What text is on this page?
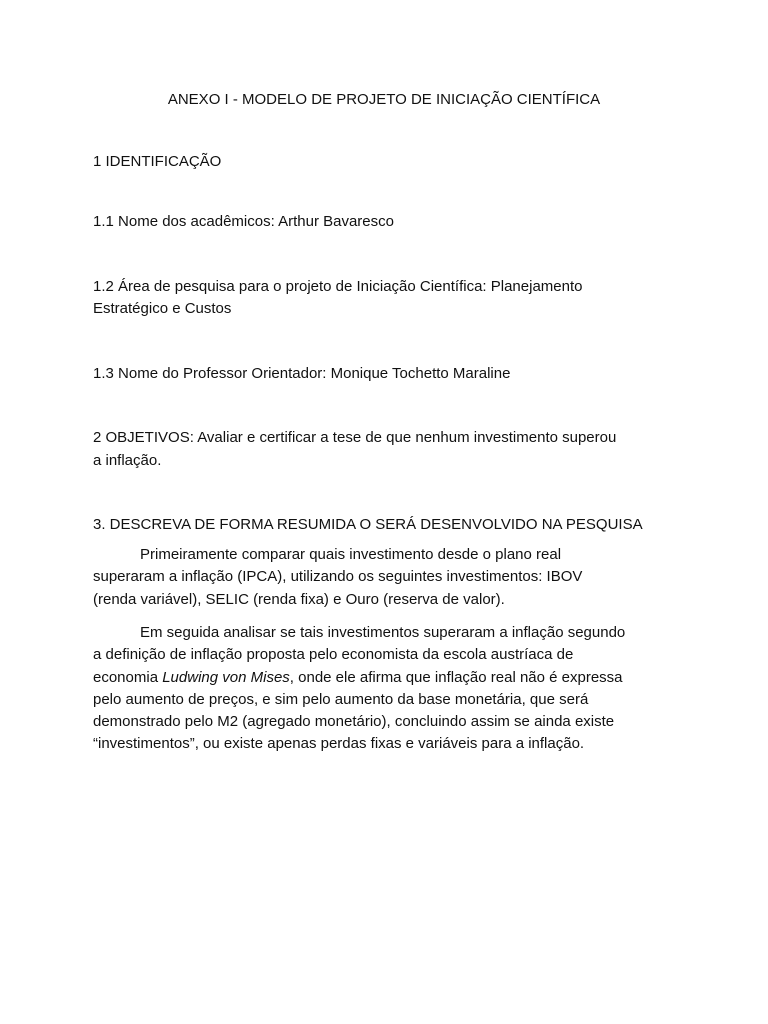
ANEXO I - MODELO DE PROJETO DE INICIAÇÃO CIENTÍFICA

1 IDENTIFICAÇÃO

1.1 Nome dos acadêmicos: Arthur Bavaresco

1.2 Área de pesquisa para o projeto de Iniciação Científica: Planejamento

Estratégico e Custos

1.3 Nome do Professor Orientador: Monique Tochetto Maraline

2 OBJETIVOS: Avaliar e certificar a tese de que nenhum investimento superou

a inflação.

3. DESCREVA DE FORMA RESUMIDA O SERÁ DESENVOLVIDO NA PESQUISA

Primeiramente comparar quais investimento desde o plano real
superaram a inflação (IPCA), utilizando os seguintes investimentos: IBOV
(renda variável), SELIC (renda fixa) e Ouro (reserva de valor).
Em seguida analisar se tais investimentos superaram a inflação segundo
a definição de inflação proposta pelo economista da escola austríaca de
economia Ludwing von Mises, onde ele afirma que inflação real não é expressa
pelo aumento de preços, e sim pelo aumento da base monetária, que será
demonstrado pelo M2 (agregado monetário), concluindo assim se ainda existe
“investimentos”, ou existe apenas perdas fixas e variáveis para a inflação.
